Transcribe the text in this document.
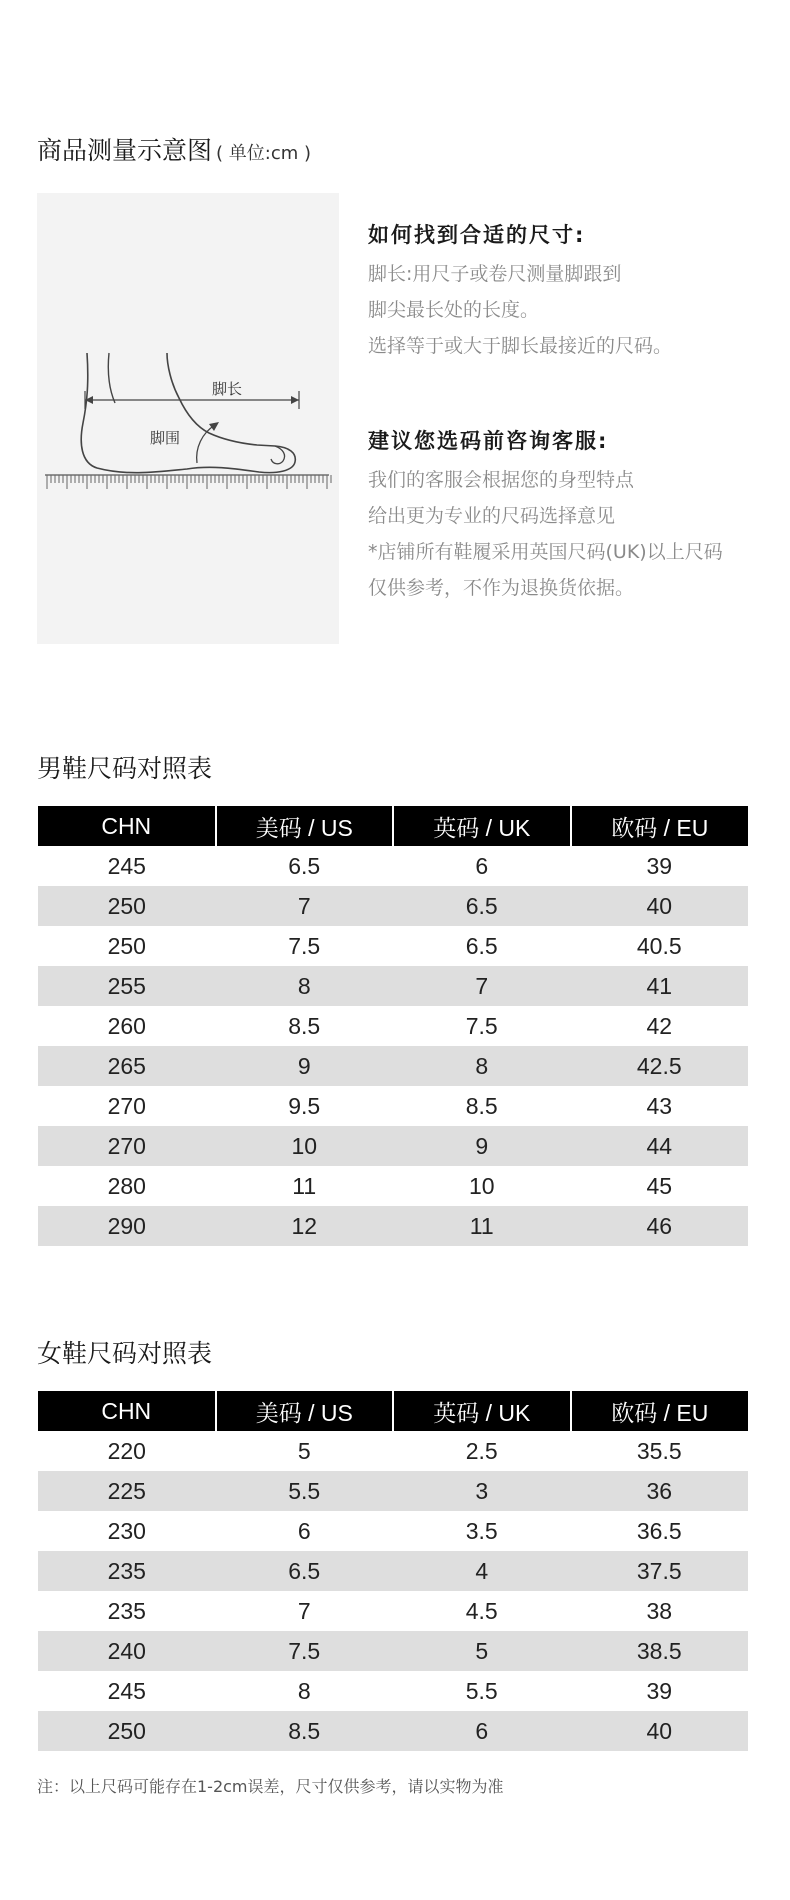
商品测量示意图 ( 单位:cm )
脚长
脚围
如何找到合适的尺寸:
脚长:用尺子或卷尺测量脚跟到
脚尖最长处的长度。
选择等于或大于脚长最接近的尺码。
建议您选码前咨询客服:
我们的客服会根据您的身型特点
给出更为专业的尺码选择意见
*店铺所有鞋履采用英国尺码(UK)以上尺码
仅供参考，不作为退换货依据。
男鞋尺码对照表
CHN	美码 / US	英码 / UK	欧码 / EU
245	6.5	6	39
250	7	6.5	40
250	7.5	6.5	40.5
255	8	7	41
260	8.5	7.5	42
265	9	8	42.5
270	9.5	8.5	43
270	10	9	44
280	11	10	45
290	12	11	46
女鞋尺码对照表
CHN	美码 / US	英码 / UK	欧码 / EU
220	5	2.5	35.5
225	5.5	3	36
230	6	3.5	36.5
235	6.5	4	37.5
235	7	4.5	38
240	7.5	5	38.5
245	8	5.5	39
250	8.5	6	40
注：以上尺码可能存在1-2cm误差，尺寸仅供参考，请以实物为准
